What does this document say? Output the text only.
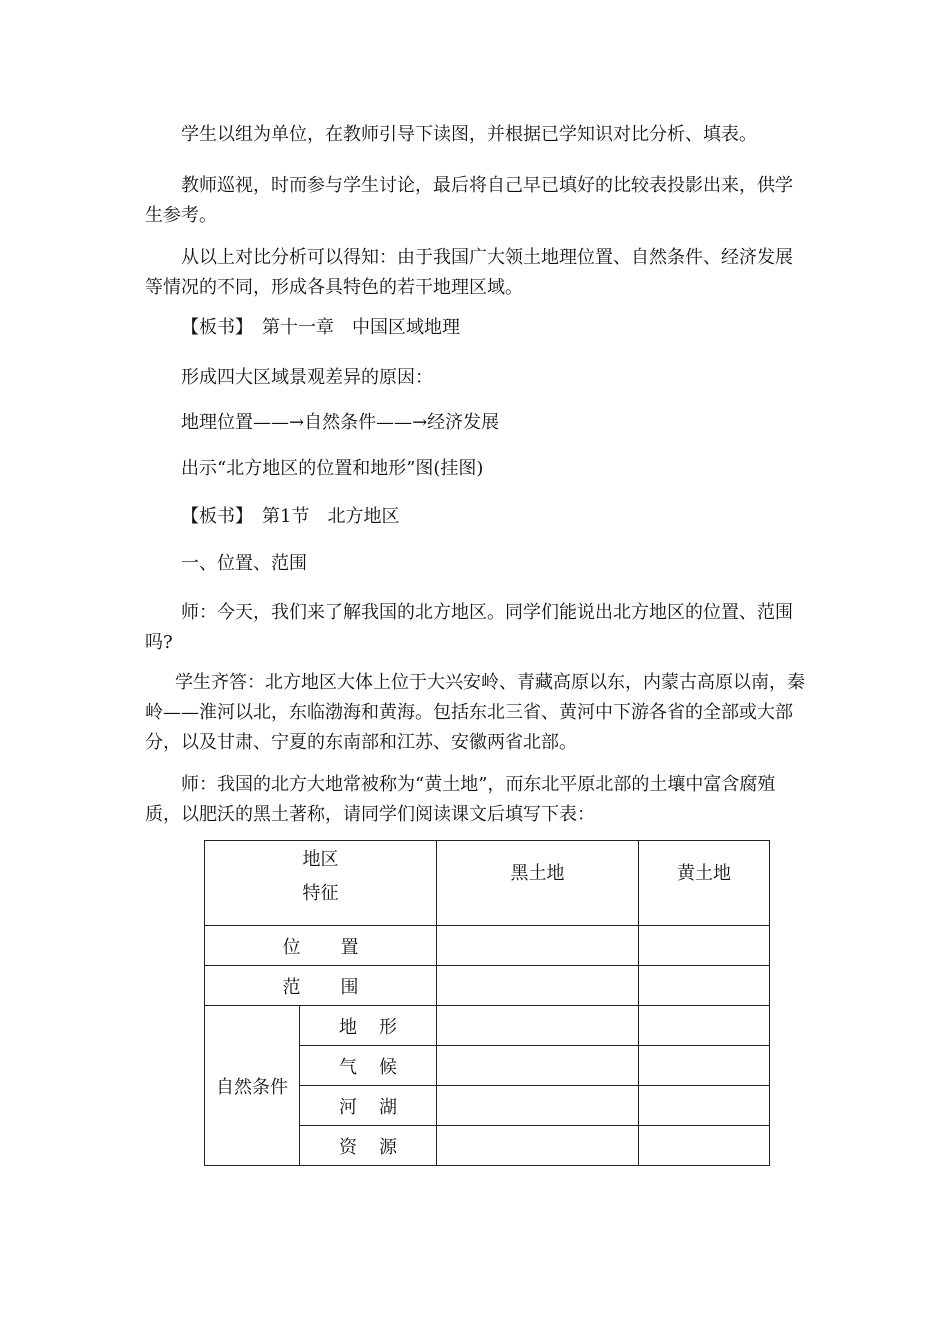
学生以组为单位，在教师引导下读图，并根据已学知识对比分析、填表。

教师巡视，时而参与学生讨论，最后将自己早已填好的比较表投影出来，供学生参考。

从以上对比分析可以得知：由于我国广大领土地理位置、自然条件、经济发展等情况的不同，形成各具特色的若干地理区域。

【板书】　第十一章　中国区域地理

形成四大区域景观差异的原因：

地理位置——→自然条件——→经济发展

出示“北方地区的位置和地形”图(挂图)

【板书】　第1节　北方地区

一、位置、范围

师：今天，我们来了解我国的北方地区。同学们能说出北方地区的位置、范围吗?

学生齐答：北方地区大体上位于大兴安岭、青藏高原以东，内蒙古高原以南，秦岭——淮河以北，东临渤海和黄海。包括东北三省、黄河中下游各省的全部或大部分，以及甘肃、宁夏的东南部和江苏、安徽两省北部。

师：我国的北方大地常被称为“黄土地”，而东北平原北部的土壤中富含腐殖质，以肥沃的黑土著称，请同学们阅读课文后填写下表：

地区
特征		黑土地	黄土地
位置			
范围			
自然条件	地形		
	气候		
	河湖		
	资源		
